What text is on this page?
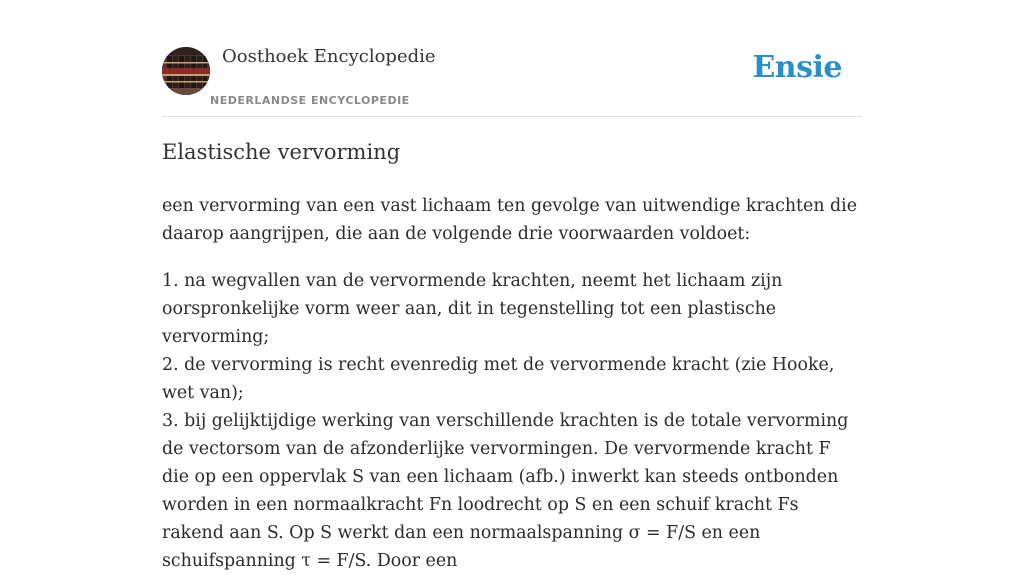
Oosthoek Encyclopedie
NEDERLANDSE ENCYCLOPEDIE
Ensie
Elastische vervorming

een vervorming van een vast lichaam ten gevolge van uitwendige krachten die daarop aangrijpen, die aan de volgende drie voorwaarden voldoet:

1. na wegvallen van de vervormende krachten, neemt het lichaam zijn oorspronkelijke vorm weer aan, dit in tegenstelling tot een plastische vervorming;
2. de vervorming is recht evenredig met de vervormende kracht (zie Hooke, wet van);
3. bij gelijktijdige werking van verschillende krachten is de totale vervorming de vectorsom van de afzonderlijke vervormingen. De vervormende kracht F die op een oppervlak S van een lichaam (afb.) inwerkt kan steeds ontbonden worden in een normaalkracht Fn loodrecht op S en een schuif kracht Fs rakend aan S. Op S werkt dan een normaalspanning σ = F/S en een schuifspanning τ = F/S. Door een
